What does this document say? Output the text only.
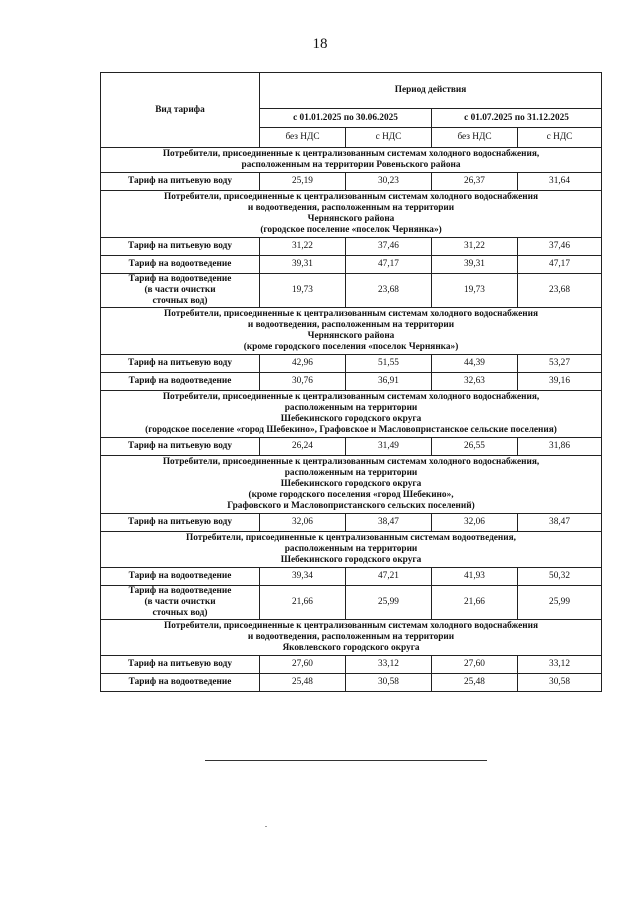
18
Вид тарифа	Период действия			
	с 01.01.2025 по 30.06.2025		с 01.07.2025 по 31.12.2025	
	без НДС	с НДС	без НДС	с НДС

Потребители, присоединенные к централизованным системам холодного водоснабжения,
расположенным на территории Ровеньского района				

Тариф на питьевую воду	25,19	30,23	26,37	31,64

Потребители, присоединенные к централизованным системам холодного водоснабжения
и водоотведения, расположенным на территории
Чернянского района
(городское поселение «поселок Чернянка»)				

Тариф на питьевую воду	31,22	37,46	31,22	37,46

Тариф на водоотведение	39,31	47,17	39,31	47,17

Тариф на водоотведение
(в части очистки
сточных вод)	19,73	23,68	19,73	23,68

Потребители, присоединенные к централизованным системам холодного водоснабжения
и водоотведения, расположенным на территории
Чернянского района
(кроме городского поселения «поселок Чернянка»)				

Тариф на питьевую воду	42,96	51,55	44,39	53,27

Тариф на водоотведение	30,76	36,91	32,63	39,16

Потребители, присоединенные к централизованным системам холодного водоснабжения,
расположенным на территории
Шебекинского городского округа
(городское поселение «город Шебекино», Графовское и Масловопристанское сельские поселения)				

Тариф на питьевую воду	26,24	31,49	26,55	31,86

Потребители, присоединенные к централизованным системам холодного водоснабжения,
расположенным на территории
Шебекинского городского округа
(кроме городского поселения «город Шебекино»,
Графовского и Масловопристанского сельских поселений)				

Тариф на питьевую воду	32,06	38,47	32,06	38,47

Потребители, присоединенные к централизованным системам водоотведения,
расположенным на территории
Шебекинского городского округа				

Тариф на водоотведение	39,34	47,21	41,93	50,32

Тариф на водоотведение
(в части очистки
сточных вод)	21,66	25,99	21,66	25,99

Потребители, присоединенные к централизованным системам холодного водоснабжения
и водоотведения, расположенным на территории
Яковлевского городского округа				

Тариф на питьевую воду	27,60	33,12	27,60	33,12

Тариф на водоотведение	25,48	30,58	25,48	30,58
